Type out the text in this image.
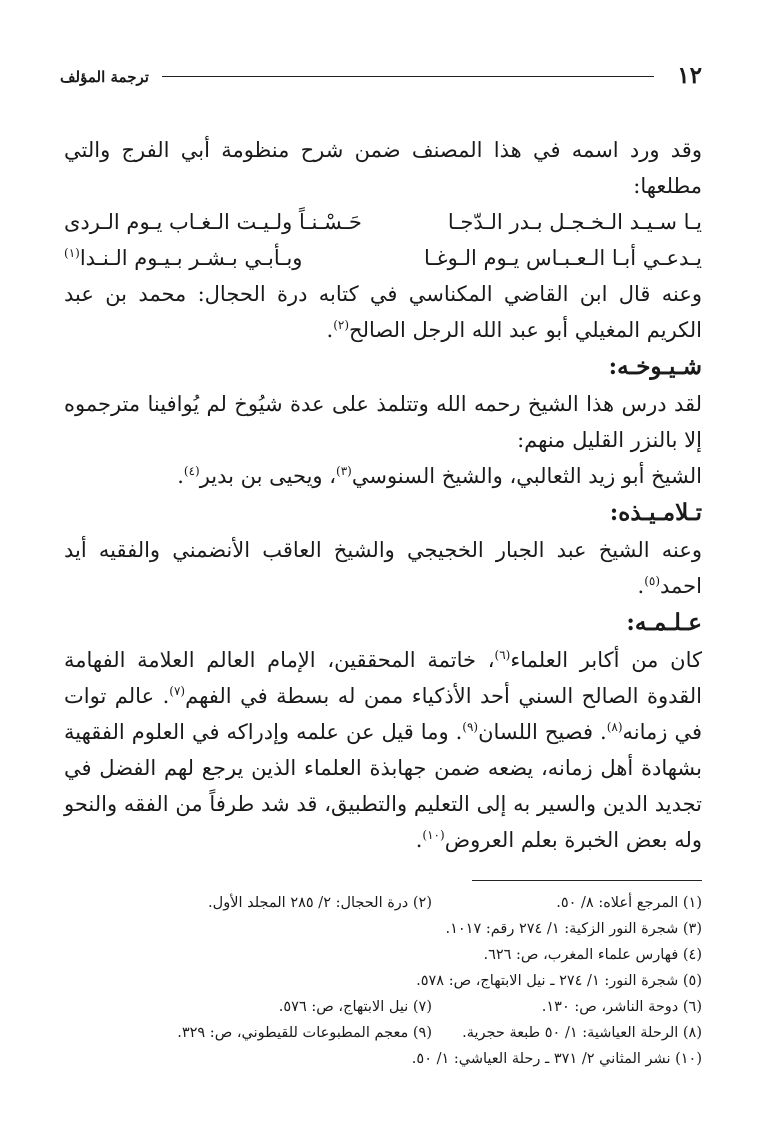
١٢
ترجمة المؤلف

وقد ورد اسمه في هذا المصنف ضمن شرح منظومة أبي الفرج والتي مطلعها:

يـا سـيـد الـخـجـل بـدر الـدّجـا
حَـسْـنـاً ولـيـت الـغـاب يـوم الـردى
يـدعـي أبـا الـعـبـاس يـوم الـوغـا
وبـأبـي بـشـر بـيـوم الـنـدا$^{(١)}$

وعنه قال ابن القاضي المكناسي في كتابه درة الحجال: محمد بن عبد الكريم المغيلي أبو عبد الله الرجل الصالح$^{(٢)}$.

شـيـوخـه:

لقد درس هذا الشيخ رحمه الله وتتلمذ على عدة شيُوخ لم يُوافينا مترجموه إلا بالنزر القليل منهم:

الشيخ أبو زيد الثعالبي، والشيخ السنوسي$^{(٣)}$، ويحيى بن بدير$^{(٤)}$.

تـلامـيـذه:

وعنه الشيخ عبد الجبار الخجيجي والشيخ العاقب الأنضمني والفقيه أيد احمد$^{(٥)}$.

عـلـمـه:

كان من أكابر العلماء$^{(٦)}$، خاتمة المحققين، الإمام العالم العلامة الفهامة القدوة الصالح السني أحد الأذكياء ممن له بسطة في الفهم$^{(٧)}$. عالم توات في زمانه$^{(٨)}$. فصيح اللسان$^{(٩)}$. وما قيل عن علمه وإدراكه في العلوم الفقهية بشهادة أهل زمانه، يضعه ضمن جهابذة العلماء الذين يرجع لهم الفضل في تجديد الدين والسير به إلى التعليم والتطبيق، قد شد طرفاً من الفقه والنحو وله بعض الخبرة بعلم العروض$^{(١٠)}$.

(١) المرجع أعلاه: ٨/ ٥٠.
(٢) درة الحجال: ٢/ ٢٨٥ المجلد الأول.
(٣) شجرة النور الزكية: ١/ ٢٧٤ رقم: ١٠١٧.
(٤) فهارس علماء المغرب، ص: ٦٢٦.
(٥) شجرة النور: ١/ ٢٧٤ ـ نيل الابتهاج، ص: ٥٧٨.
(٦) دوحة الناشر، ص: ١٣٠.
(٧) نيل الابتهاج، ص: ٥٧٦.
(٨) الرحلة العياشية: ١/ ٥٠ طبعة حجرية.
(٩) معجم المطبوعات للقيطوني، ص: ٣٢٩.
(١٠) نشر المثاني ٢/ ٣٧١ ـ رحلة العياشي: ١/ ٥٠.
